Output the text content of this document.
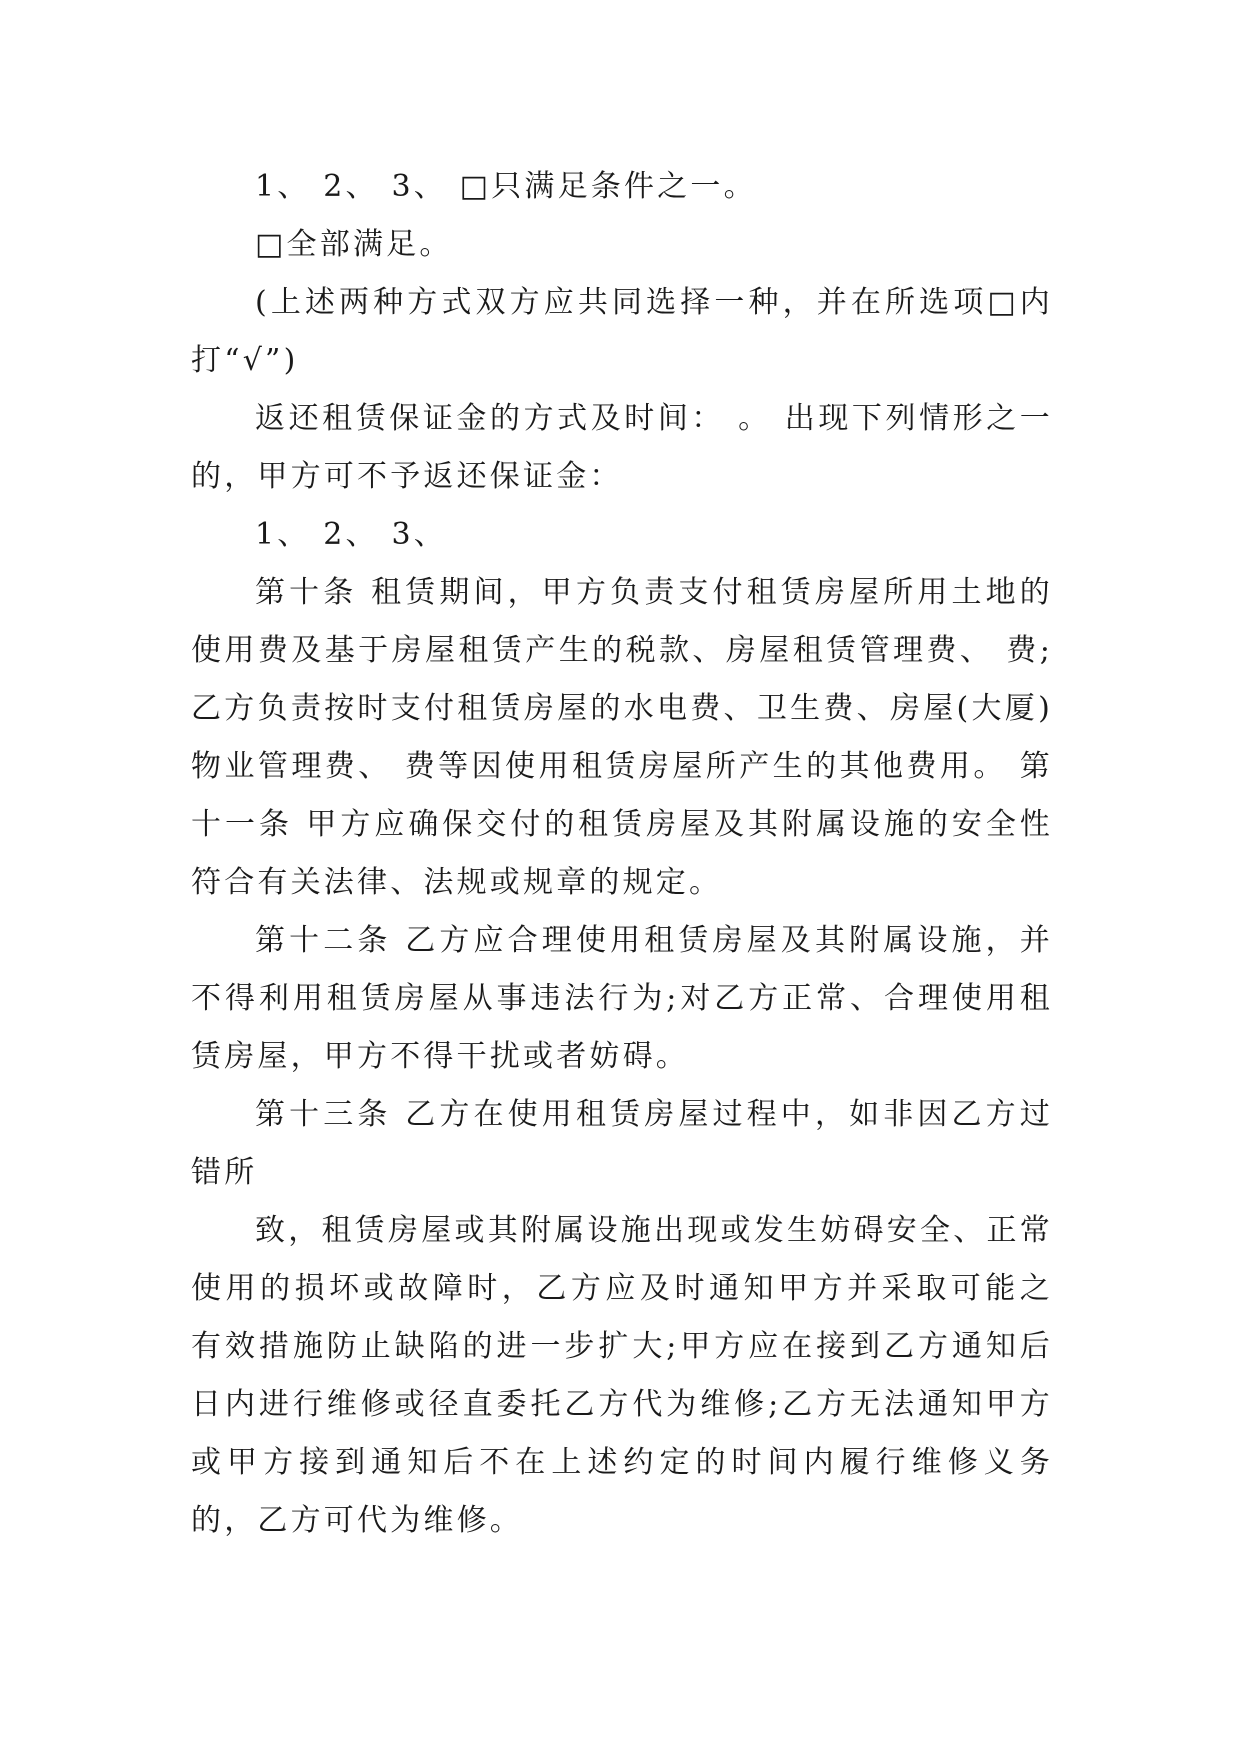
1、 2、 3、 □只满足条件之一。

□全部满足。

(上述两种方式双方应共同选择一种，并在所选项□内打“√”)

返还租赁保证金的方式及时间： 。 出现下列情形之一的，甲方可不予返还保证金：

1、 2、 3、

第十条 租赁期间，甲方负责支付租赁房屋所用土地的使用费及基于房屋租赁产生的税款、房屋租赁管理费、 费;乙方负责按时支付租赁房屋的水电费、卫生费、房屋(大厦)物业管理费、 费等因使用租赁房屋所产生的其他费用。 第十一条 甲方应确保交付的租赁房屋及其附属设施的安全性符合有关法律、法规或规章的规定。

第十二条 乙方应合理使用租赁房屋及其附属设施，并不得利用租赁房屋从事违法行为;对乙方正常、合理使用租赁房屋，甲方不得干扰或者妨碍。

第十三条 乙方在使用租赁房屋过程中，如非因乙方过错所

致，租赁房屋或其附属设施出现或发生妨碍安全、正常使用的损坏或故障时，乙方应及时通知甲方并采取可能之有效措施防止缺陷的进一步扩大;甲方应在接到乙方通知后 日内进行维修或径直委托乙方代为维修;乙方无法通知甲方或甲方接到通知后不在上述约定的时间内履行维修义务的，乙方可代为维修。
